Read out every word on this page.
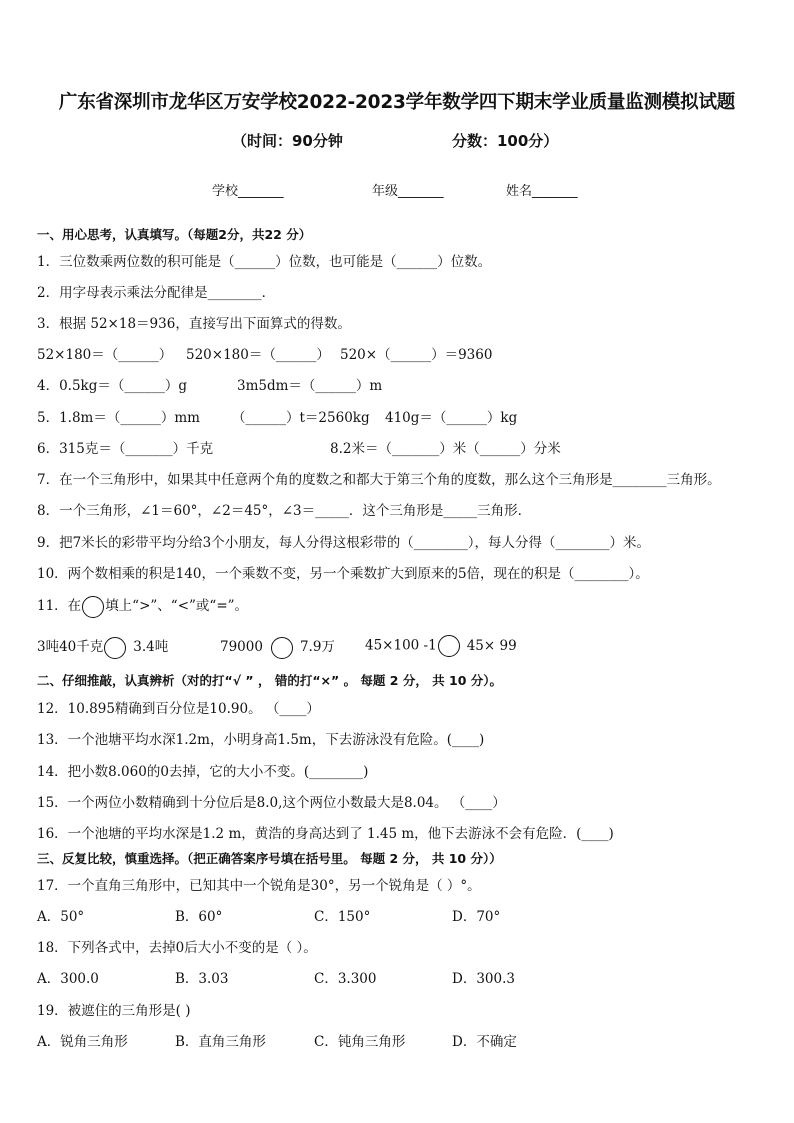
广东省深圳市龙华区万安学校2022-2023学年数学四下期末学业质量监测模拟试题
（时间：90分钟	分数：100分）
学校_______	年级_______	姓名_______
一、用心思考，认真填写。（每题2分，共22 分）
1．三位数乘两位数的积可能是（______）位数，也可能是（______）位数。
2．用字母表示乘法分配律是________．
3．根据 52×18＝936，直接写出下面算式的得数。
52×180＝（______） 520×180＝（______） 520×（______）＝9360
4．0.5kg＝（______）g	3m5dm＝（______）m
5．1.8m＝（______）mm （______）t＝2560kg 410g＝（______）kg
6．315克＝（_______）千克	8.2米＝（_______）米（______）分米
7．在一个三角形中，如果其中任意两个角的度数之和都大于第三个角的度数，那么这个三角形是________三角形。
8．一个三角形，∠1＝60°，∠2＝45°，∠3＝_____．这个三角形是_____三角形．
9．把7米长的彩带平均分给3个小朋友，每人分得这根彩带的（________），每人分得（________）米。
10．两个数相乘的积是140，一个乘数不变，另一个乘数扩大到原来的5倍，现在的积是（________）。
11．在 填上“>”、“<”或“=”。
3吨40千克 3.4吨	79000	7.9万 45×100 -1 45× 99
二、仔细推敲，认真辨析（对的打“√ ” ， 错的打“×” 。 每题 2 分， 共 10 分）。
12．10.895精确到百分位是10.90。 （____）
13．一个池塘平均水深1.2m，小明身高1.5m，下去游泳没有危险。(____)
14．把小数8.060的0去掉，它的大小不变。(________)
15．一个两位小数精确到十分位后是8.0,这个两位小数最大是8.04。 （____）
16．一个池塘的平均水深是1.2 m，黄浩的身高达到了 1.45 m，他下去游泳不会有危险．(____)
三、反复比较，慎重选择。（把正确答案序号填在括号里。 每题 2 分， 共 10 分））
17．一个直角三角形中，已知其中一个锐角是30°，另一个锐角是（ ）°。
A．50°	B．60°	C．150°	D．70°
18．下列各式中，去掉0后大小不变的是（ ）。
A．300.0	B．3.03	C．3.300	D．300.3
19．被遮住的三角形是( )
A．锐角三角形	B．直角三角形	C．钝角三角形	D．不确定
